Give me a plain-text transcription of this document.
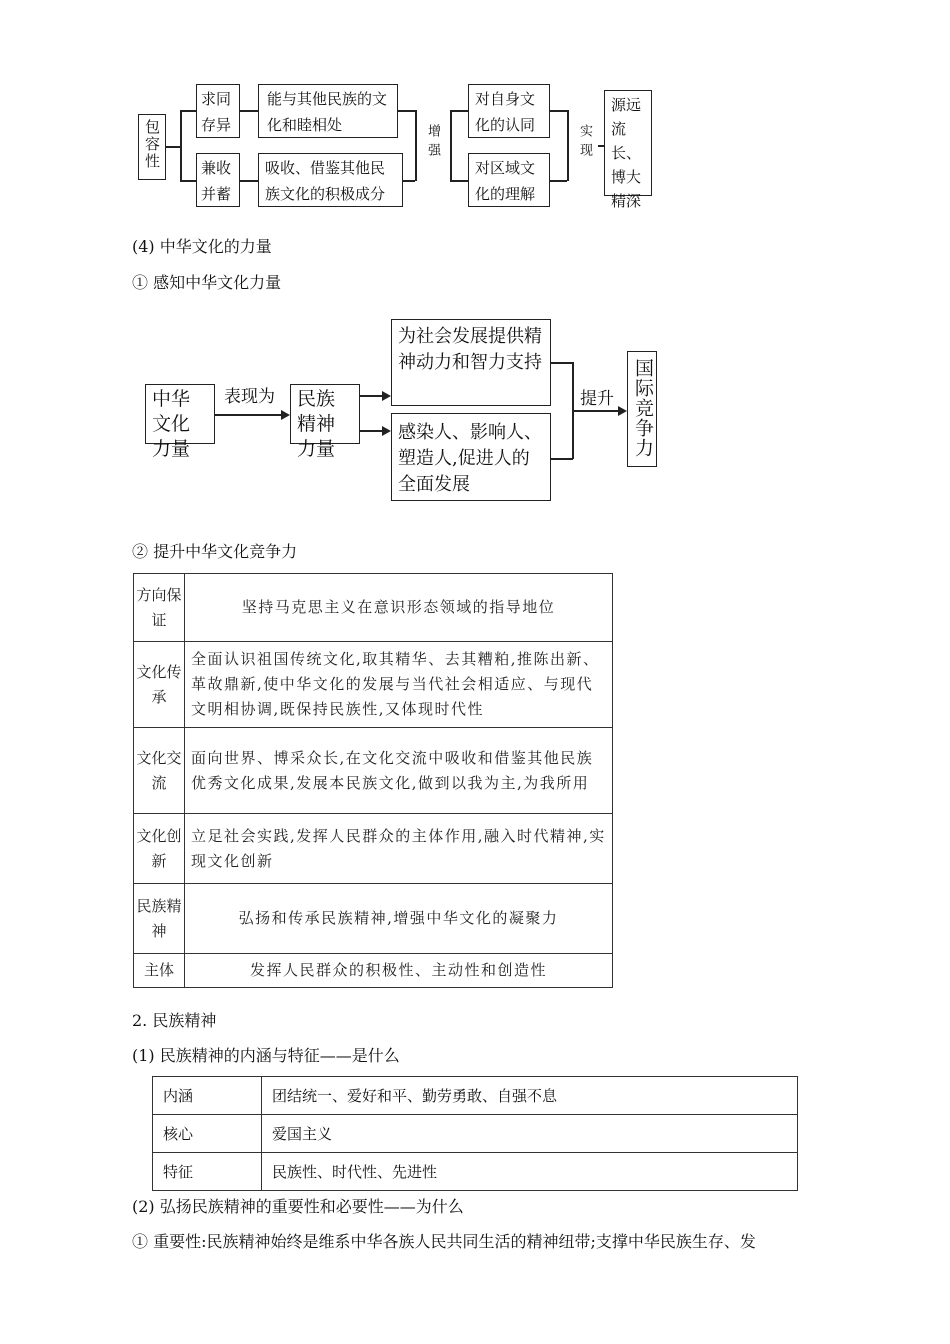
包容性
求同存异
能与其他民族的文化和睦相处
兼收并蓄
吸收、借鉴其他民族文化的积极成分
增强
对自身文化的认同
对区域文化的理解
实现
源远流长、博大精深
(4) 中华文化的力量
① 感知中华文化力量
中华文化力量
表现为	民族精神力量
为社会发展提供精神动力和智力支持
感染人、影响人、塑造人,促进人的全面发展
提升 国际竞争力
② 提升中华文化竞争力
方向保证	坚持马克思主义在意识形态领域的指导地位
文化传承	全面认识祖国传统文化,取其精华、去其糟粕,推陈出新、革故鼎新,使中华文化的发展与当代社会相适应、与现代文明相协调,既保持民族性,又体现时代性
文化交流	面向世界、博采众长,在文化交流中吸收和借鉴其他民族优秀文化成果,发展本民族文化,做到以我为主,为我所用
文化创新	立足社会实践,发挥人民群众的主体作用,融入时代精神,实现文化创新
民族精神	弘扬和传承民族精神,增强中华文化的凝聚力
主体	发挥人民群众的积极性、主动性和创造性
2. 民族精神
(1) 民族精神的内涵与特征——是什么
内涵	团结统一、爱好和平、勤劳勇敢、自强不息
核心	爱国主义
特征	民族性、时代性、先进性
(2) 弘扬民族精神的重要性和必要性——为什么
① 重要性:民族精神始终是维系中华各族人民共同生活的精神纽带;支撑中华民族生存、发
